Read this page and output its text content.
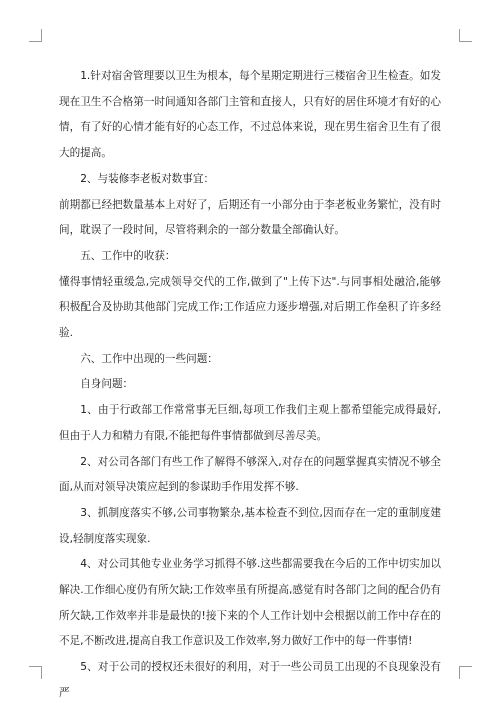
1.针对宿舍管理要以卫生为根本，每个星期定期进行三楼宿舍卫生检查。如发现在卫生不合格第一时间通知各部门主管和直接人，只有好的居住环境才有好的心情，有了好的心情才能有好的心态工作，不过总体来说，现在男生宿舍卫生有了很大的提高。

2、与装修李老板对数事宜：

前期都已经把数量基本上对好了，后期还有一小部分由于李老板业务繁忙，没有时间，耽误了一段时间，尽管将剩余的一部分数量全部确认好。

五、工作中的收获：

懂得事情轻重缓急,完成领导交代的工作,做到了"上传下达".与同事相处融洽,能够积极配合及协助其他部门完成工作;工作适应力逐步增强,对后期工作垒积了许多经验.

六、工作中出现的一些问题：

自身问题：

1、由于行政部工作常常事无巨细,每项工作我们主观上都希望能完成得最好,但由于人力和精力有限,不能把每件事情都做到尽善尽美。

2、对公司各部门有些工作了解得不够深入,对存在的问题掌握真实情况不够全面,从而对领导决策应起到的参谋助手作用发挥不够.

3、抓制度落实不够,公司事物繁杂,基本检查不到位,因而存在一定的重制度建设,轻制度落实现象.

4、对公司其他专业业务学习抓得不够.这些都需要我在今后的工作中切实加以解决.工作细心度仍有所欠缺;工作效率虽有所提高,感觉有时各部门之间的配合仍有所欠缺,工作效率并非是最快的!接下来的个人工作计划中会根据以前工作中存在的不足,不断改进,提高自我工作意识及工作效率,努力做好工作中的每一件事情!

5、对于公司的授权还未很好的利用，对于一些公司员工出现的不良现象没有严
